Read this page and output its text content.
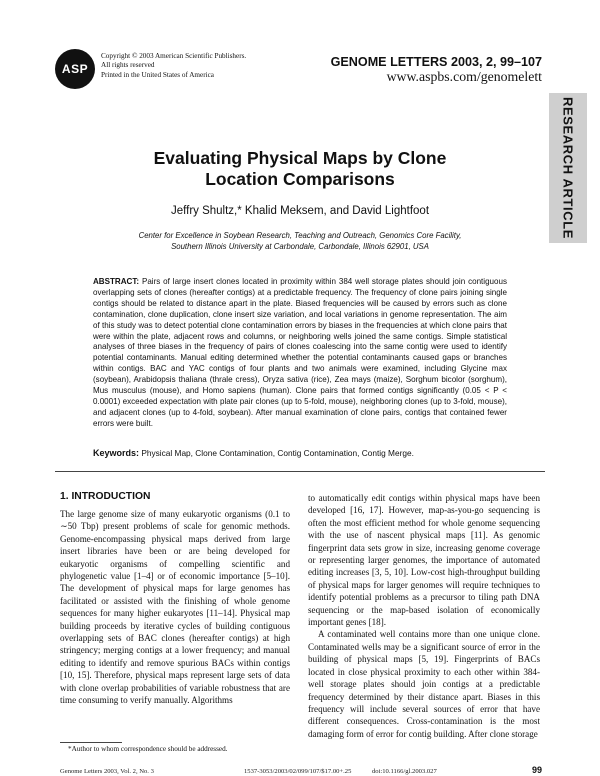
ASP
Copyright © 2003 American Scientific Publishers.
All rights reserved
Printed in the United States of America
GENOME LETTERS 2003, 2, 99–107
www.aspbs.com/genomelett
RESEARCH ARTICLE
Evaluating Physical Maps by Clone
Location Comparisons
Jeffry Shultz,* Khalid Meksem, and David Lightfoot
Center for Excellence in Soybean Research, Teaching and Outreach, Genomics Core Facility,
Southern Illinois University at Carbondale, Carbondale, Illinois 62901, USA
ABSTRACT: Pairs of large insert clones located in proximity within 384 well storage plates should join contiguous overlapping sets of clones (hereafter contigs) at a predictable frequency. The frequency of clone pairs joining single contigs should be related to distance apart in the plate. Biased frequencies will be caused by errors such as clone contamination, clone duplication, clone insert size variation, and local variations in genome representation. The aim of this study was to detect potential clone contamination errors by biases in the frequencies at which clone pairs that were within the plate, adjacent rows and columns, or neighboring wells joined the same contigs. Simple statistical analyses of three biases in the frequency of pairs of clones coalescing into the same contig were used to identify potential contaminants. Manual editing determined whether the potential contaminants caused gaps or branches within contigs. BAC and YAC contigs of four plants and two animals were examined, including Glycine max (soybean), Arabidopsis thaliana (thrale cress), Oryza sativa (rice), Zea mays (maize), Sorghum bicolor (sorghum), Mus musculus (mouse), and Homo sapiens (human). Clone pairs that formed contigs significantly (0.05 < P < 0.0001) exceeded expectation with plate pair clones (up to 5-fold, mouse), neighboring clones (up to 3-fold, mouse), and adjacent clones (up to 4-fold, soybean). After manual examination of clone pairs, contigs that contained fewer errors were built.
Keywords: Physical Map, Clone Contamination, Contig Contamination, Contig Merge.
1. INTRODUCTION

The large genome size of many eukaryotic organisms (0.1 to ∼50 Tbp) present problems of scale for genomic methods. Genome-encompassing physical maps derived from large insert libraries have been or are being developed for eukaryotic organisms of compelling scientific and phylogenetic value [1–4] or of economic importance [5–10]. The development of physical maps for large genomes has facilitated or assisted with the finishing of whole genome sequences for many higher eukaryotes [11–14]. Physical map building proceeds by iterative cycles of building contiguous overlapping sets of BAC clones (hereafter contigs) at high stringency; merging contigs at a lower frequency; and manual editing to identify and remove spurious BACs within contigs [10, 15]. Therefore, physical maps represent large sets of data with clone overlap probabilities of variable robustness that are time consuming to verify manually. Algorithms

to automatically edit contigs within physical maps have been developed [16, 17]. However, map-as-you-go sequencing is often the most efficient method for whole genome sequencing with the use of nascent physical maps [11]. As genomic fingerprint data sets grow in size, increasing genome coverage or representing larger genomes, the importance of automated editing increases [3, 5, 10]. Low-cost high-throughput building of physical maps for larger genomes will require techniques to identify potential problems as a precursor to tiling path DNA sequencing or the map-based isolation of economically important genes [18].

A contaminated well contains more than one unique clone. Contaminated wells may be a significant source of error in the building of physical maps [5, 19]. Fingerprints of BACs located in close physical proximity to each other within 384-well storage plates should join contigs at a predictable frequency determined by their distance apart. Biases in this frequency will include several sources of error that have different consequences. Cross-contamination is the most damaging form of error for contig building. After clone storage

*Author to whom correspondence should be addressed.
Genome Letters 2003, Vol. 2, No. 3	1537-3053/2003/02/099/107/$17.00+.25	doi:10.1166/gl.2003.027	99
